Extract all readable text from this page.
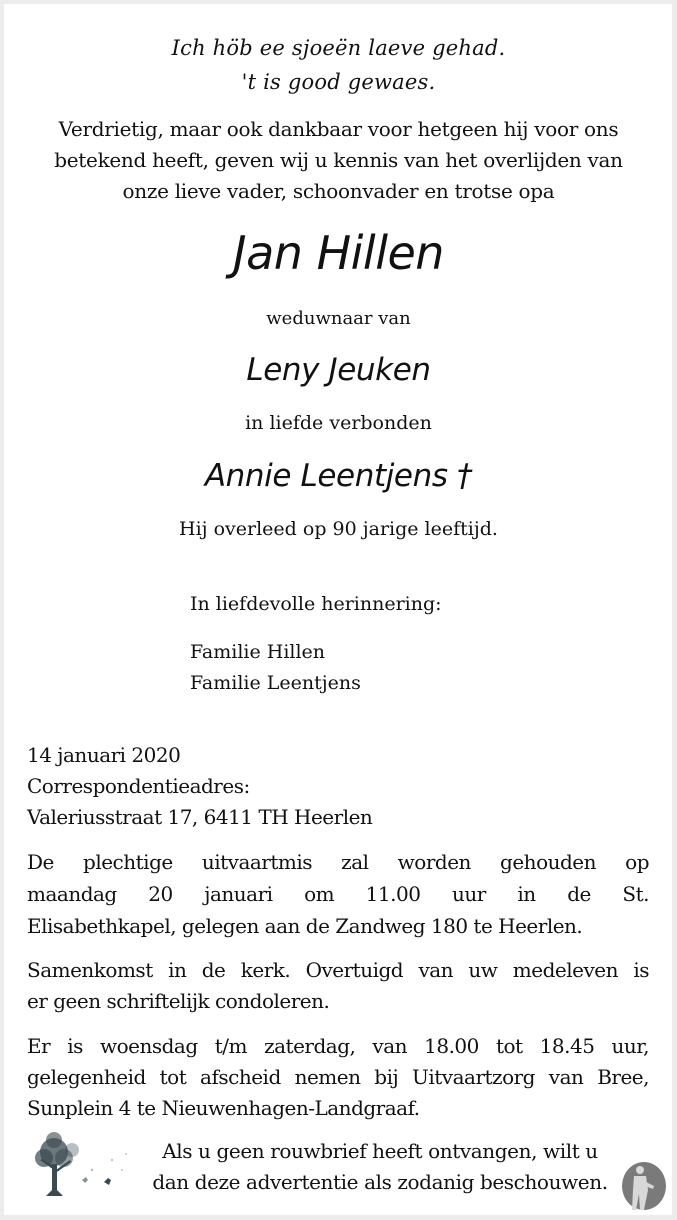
Ich höb ee sjoeën laeve gehad.
't is good gewaes.
Verdrietig, maar ook dankbaar voor hetgeen hij voor ons
betekend heeft, geven wij u kennis van het overlijden van
onze lieve vader, schoonvader en trotse opa
Jan Hillen
weduwnaar van
Leny Jeuken
in liefde verbonden
Annie Leentjens †
Hij overleed op 90 jarige leeftijd.
In liefdevolle herinnering:
Familie Hillen
Familie Leentjens
14 januari 2020
Correspondentieadres:
Valeriusstraat 17, 6411 TH Heerlen
De plechtige uitvaartmis zal worden gehouden op
maandag 20 januari om 11.00 uur in de St.
Elisabethkapel, gelegen aan de Zandweg 180 te Heerlen.
Samenkomst in de kerk. Overtuigd van uw medeleven is
er geen schriftelijk condoleren.
Er is woensdag t/m zaterdag, van 18.00 tot 18.45 uur,
gelegenheid tot afscheid nemen bij Uitvaartzorg van Bree,
Sunplein 4 te Nieuwenhagen-Landgraaf.
Als u geen rouwbrief heeft ontvangen, wilt u
dan deze advertentie als zodanig beschouwen.
